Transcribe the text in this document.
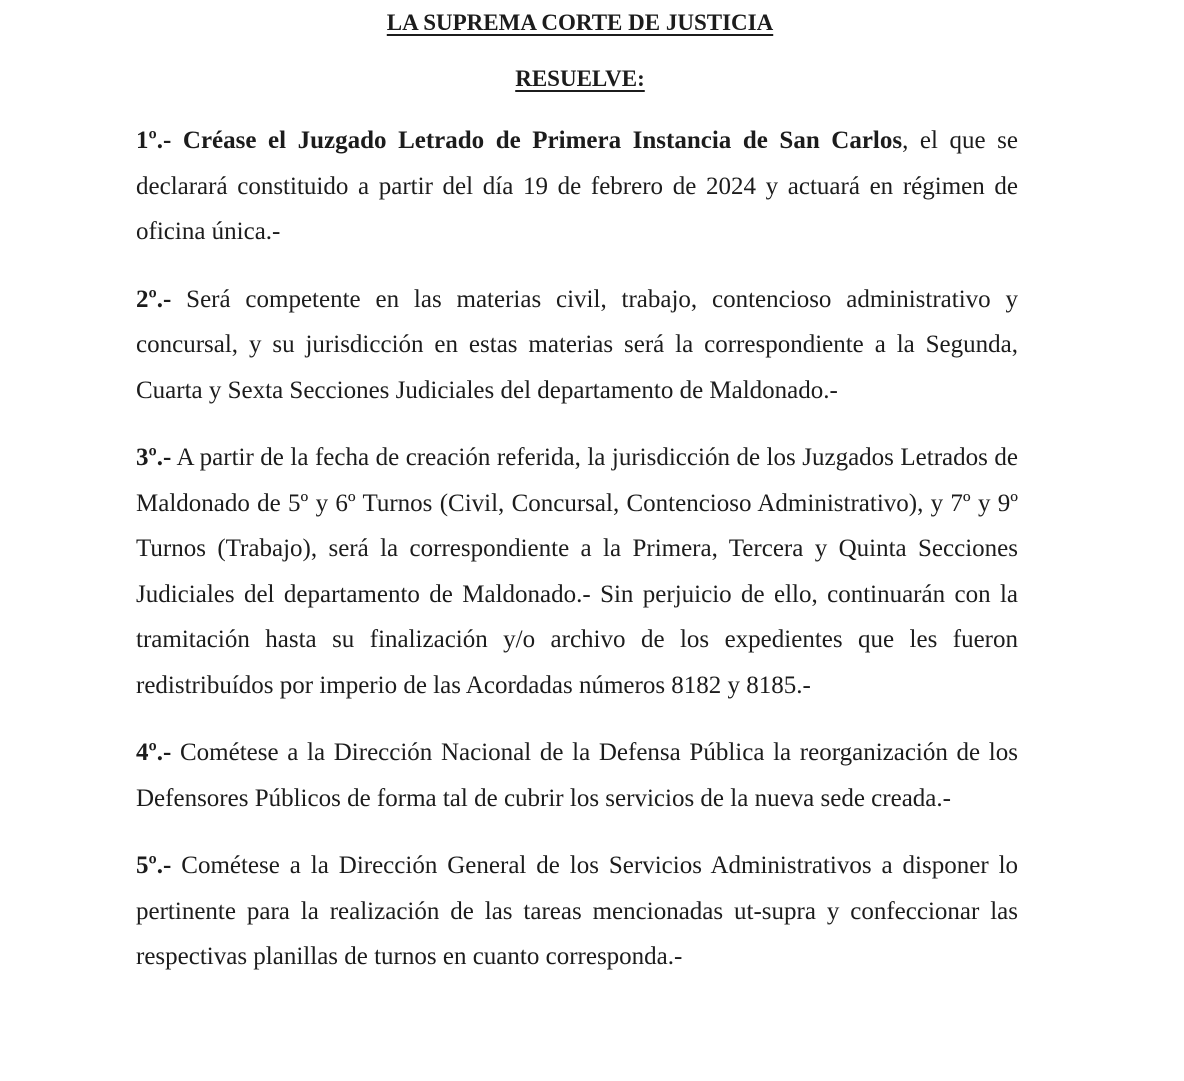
LA SUPREMA CORTE DE JUSTICIA
RESUELVE:

1º.- Créase el Juzgado Letrado de Primera Instancia de San Carlos, el que se declarará constituido a partir del día 19 de febrero de 2024 y actuará en régimen de oficina única.-

2º.- Será competente en las materias civil, trabajo, contencioso administrativo y concursal, y su jurisdicción en estas materias será la correspondiente a la Segunda, Cuarta y Sexta Secciones Judiciales del departamento de Maldonado.-

3º.- A partir de la fecha de creación referida, la jurisdicción de los Juzgados Letrados de Maldonado de 5º y 6º Turnos (Civil, Concursal, Contencioso Administrativo), y 7º y 9º Turnos (Trabajo), será la correspondiente a la Primera, Tercera y Quinta Secciones Judiciales del departamento de Maldonado.- Sin perjuicio de ello, continuarán con la tramitación hasta su finalización y/o archivo de los expedientes que les fueron redistribuídos por imperio de las Acordadas números 8182 y 8185.-

4º.- Cométese a la Dirección Nacional de la Defensa Pública la reorganización de los Defensores Públicos de forma tal de cubrir los servicios de la nueva sede creada.-

5º.- Cométese a la Dirección General de los Servicios Administrativos a disponer lo pertinente para la realización de las tareas mencionadas ut-supra y confeccionar las respectivas planillas de turnos en cuanto corresponda.-
